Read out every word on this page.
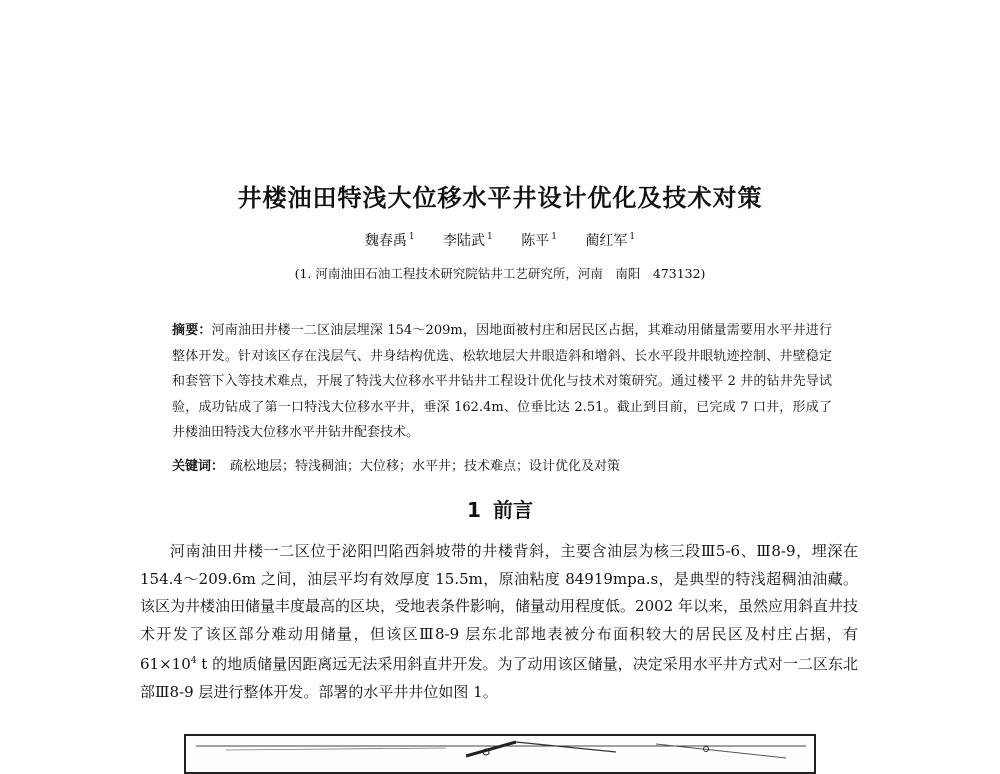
井楼油田特浅大位移水平井设计优化及技术对策
魏春禹 $^1$ 李陆武 $^1$ 陈平 $^1$ 蔺红军 $^1$
(1. 河南油田石油工程技术研究院钻井工艺研究所，河南　南阳　473132)
摘要：河南油田井楼一二区油层埋深 154～209m，因地面被村庄和居民区占据，其难动用储量需要用水平井进行整体开发。针对该区存在浅层气、井身结构优选、松软地层大井眼造斜和增斜、长水平段井眼轨迹控制、井壁稳定和套管下入等技术难点，开展了特浅大位移水平井钻井工程设计优化与技术对策研究。通过楼平 2 井的钻井先导试验，成功钻成了第一口特浅大位移水平井，垂深 162.4m、位垂比达 2.51。截止到目前，已完成 7 口井，形成了井楼油田特浅大位移水平井钻井配套技术。
关键词： 疏松地层；特浅稠油；大位移；水平井；技术难点；设计优化及对策
1 前言
河南油田井楼一二区位于泌阳凹陷西斜坡带的井楼背斜，主要含油层为核三段Ⅲ5-6、Ⅲ8-9，埋深在 154.4～209.6m 之间，油层平均有效厚度 15.5m，原油粘度 84919mpa.s，是典型的特浅超稠油油藏。该区为井楼油田储量丰度最高的区块，受地表条件影响，储量动用程度低。2002 年以来，虽然应用斜直井技术开发了该区部分难动用储量，但该区Ⅲ8-9 层东北部地表被分布面积较大的居民区及村庄占据，有 $61\times 10^4$ t 的地质储量因距离远无法采用斜直井开发。为了动用该区储量，决定采用水平井方式对一二区东北部Ⅲ8-9 层进行整体开发。部署的水平井井位如图 1。
